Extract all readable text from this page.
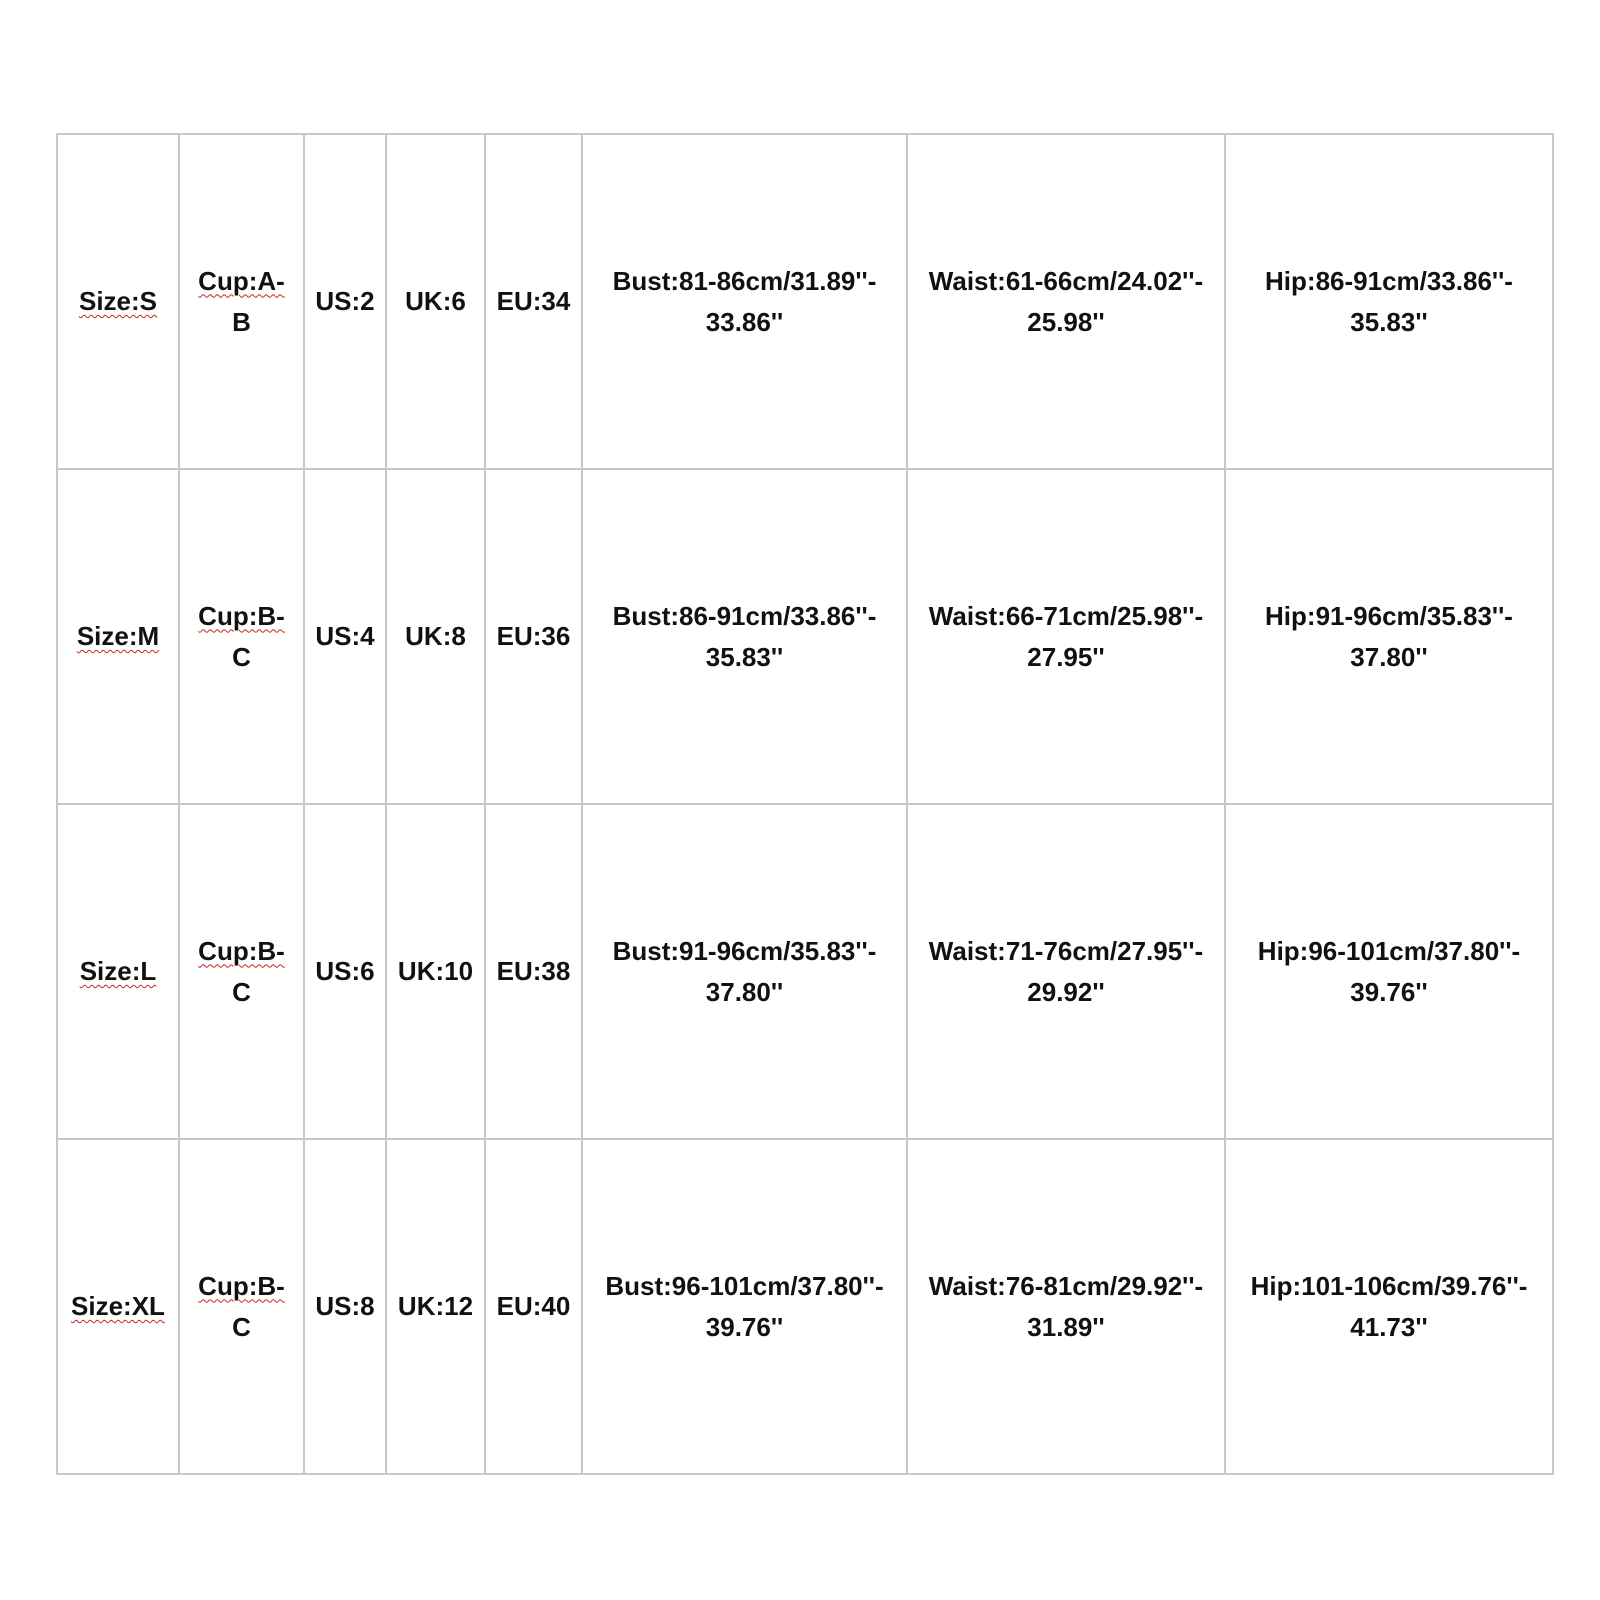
Size:S	Cup:A-
B	US:2	UK:6	EU:34	Bust:81-86cm/31.89''-
33.86''	Waist:61-66cm/24.02''-
25.98''	Hip:86-91cm/33.86''-
35.83''
Size:M	Cup:B-
C	US:4	UK:8	EU:36	Bust:86-91cm/33.86''-
35.83''	Waist:66-71cm/25.98''-
27.95''	Hip:91-96cm/35.83''-
37.80''
Size:L	Cup:B-
C	US:6	UK:10	EU:38	Bust:91-96cm/35.83''-
37.80''	Waist:71-76cm/27.95''-
29.92''	Hip:96-101cm/37.80''-
39.76''
Size:XL	Cup:B-
C	US:8	UK:12	EU:40	Bust:96-101cm/37.80''-
39.76''	Waist:76-81cm/29.92''-
31.89''	Hip:101-106cm/39.76''-
41.73''
